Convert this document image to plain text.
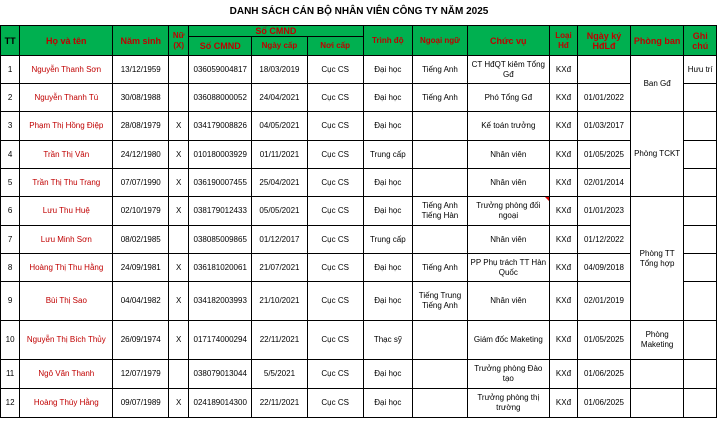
DANH SÁCH CÁN BỘ NHÂN VIÊN CÔNG TY NĂM 2025
TT	Họ và tên	Năm sinh	Nữ (X)	Số CMND			Trình độ	Ngoại ngữ	Chức vụ	Loại Hđ	Ngày ký HđLđ	Phòng ban	Ghi chú
				Số CMND	Ngày cấp	Nơi cấp							
1	Nguyễn Thanh Sơn	13/12/1959		036059004817	18/03/2019	Cục CS	Đại học	Tiếng Anh	CT HđQT kiêm Tổng Gđ	KXđ		Ban Gđ	Hưu trí
2	Nguyễn Thanh Tú	30/08/1988		036088000052	24/04/2021	Cục CS	Đại học	Tiếng Anh	Phó Tổng Gđ	KXđ	01/01/2022		
3	Phạm Thị Hồng Điệp	28/08/1979	X	034179008826	04/05/2021	Cục CS	Đại học		Kế toán trưởng	KXđ	01/03/2017	Phòng TCKT	
4	Trần Thị Vân	24/12/1980	X	010180003929	01/11/2021	Cục CS	Trung cấp		Nhân viên	KXđ	01/05/2025		
5	Trần Thị Thu Trang	07/07/1990	X	036190007455	25/04/2021	Cục CS	Đại học		Nhân viên	KXđ	02/01/2014		
6	Lưu Thu Huệ	02/10/1979	X	038179012433	05/05/2021	Cục CS	Đại học	Tiếng Anh Tiếng Hàn	Trưởng phòng đối ngoại	KXđ	01/01/2023	Phòng TT Tổng hợp	
7	Lưu Minh Sơn	08/02/1985		038085009865	01/12/2017	Cục CS	Trung cấp		Nhân viên	KXđ	01/12/2022		
8	Hoàng Thị Thu Hằng	24/09/1981	X	036181020061	21/07/2021	Cục CS	Đại học	Tiếng Anh	PP Phụ trách TT Hàn Quốc	KXđ	04/09/2018		
9	Bùi Thị Sao	04/04/1982	X	034182003993	21/10/2021	Cục CS	Đại học	Tiếng Trung Tiếng Anh	Nhân viên	KXđ	02/01/2019		
10	Nguyễn Thị Bích Thủy	26/09/1974	X	017174000294	22/11/2021	Cục CS	Thạc sỹ		Giám đốc Maketing	KXđ	01/05/2025	Phòng Maketing	
11	Ngô Văn Thanh	12/07/1979		038079013044	5/5/2021	Cục CS	Đại học		Trưởng phòng Đào tạo	KXđ	01/06/2025		
12	Hoàng Thúy Hằng	09/07/1989	X	024189014300	22/11/2021	Cục CS	Đại học		Trưởng phòng thị trường	KXđ	01/06/2025		
